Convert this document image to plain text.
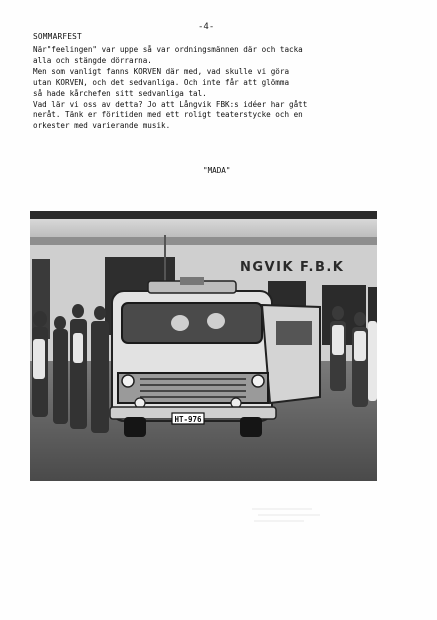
-4-
SOMMARFEST
När"feelingen" var uppe så var ordningsmännen där och tacka
alla och stängde dörrarna.
Men som vanligt fanns KORVEN där med, vad skulle vi göra
utan KORVEN, och det sedvanliga. Och inte får att glömma
så hade kårchefen sitt sedvanliga tal.
Vad lär vi oss av detta? Jo att Långvik FBK:s idéer har gått
neråt. Tänk er föritiden med ett roligt teaterstycke och en
orkester med varierande musik.
"MADA"
NGVIK F.B.K
HT-976
